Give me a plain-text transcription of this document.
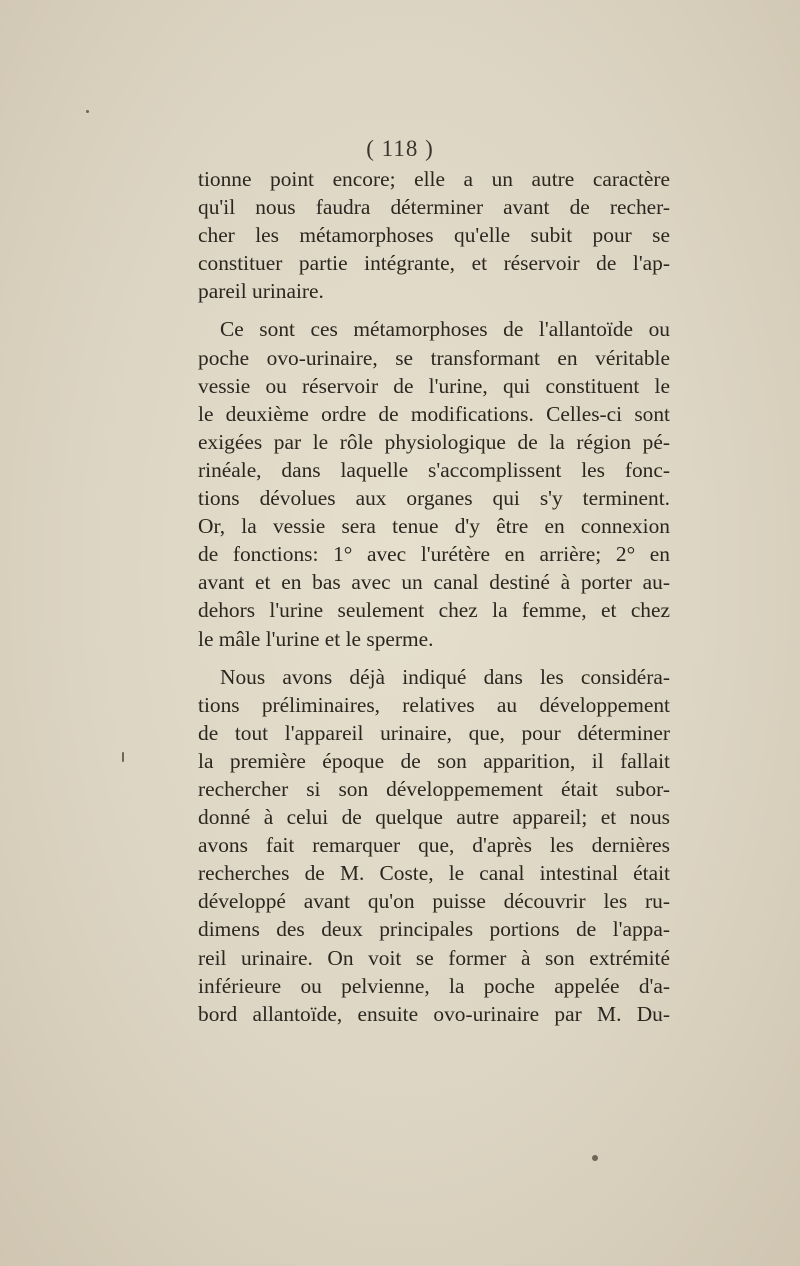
( 118 )
tionne point encore; elle a un autre caractère
qu'il nous faudra déterminer avant de recher-
cher les métamorphoses qu'elle subit pour se
constituer partie intégrante, et réservoir de l'ap-
pareil urinaire.
Ce sont ces métamorphoses de l'allantoïde ou
poche ovo-urinaire, se transformant en véritable
vessie ou réservoir de l'urine, qui constituent le
le deuxième ordre de modifications. Celles-ci sont
exigées par le rôle physiologique de la région pé-
rinéale, dans laquelle s'accomplissent les fonc-
tions dévolues aux organes qui s'y terminent.
Or, la vessie sera tenue d'y être en connexion
de fonctions: 1° avec l'urétère en arrière; 2° en
avant et en bas avec un canal destiné à porter au-
dehors l'urine seulement chez la femme, et chez
le mâle l'urine et le sperme.
Nous avons déjà indiqué dans les considéra-
tions préliminaires, relatives au développement
de tout l'appareil urinaire, que, pour déterminer
la première époque de son apparition, il fallait
rechercher si son développemement était subor-
donné à celui de quelque autre appareil; et nous
avons fait remarquer que, d'après les dernières
recherches de M. Coste, le canal intestinal était
développé avant qu'on puisse découvrir les ru-
dimens des deux principales portions de l'appa-
reil urinaire. On voit se former à son extrémité
inférieure ou pelvienne, la poche appelée d'a-
bord allantoïde, ensuite ovo-urinaire par M. Du-
